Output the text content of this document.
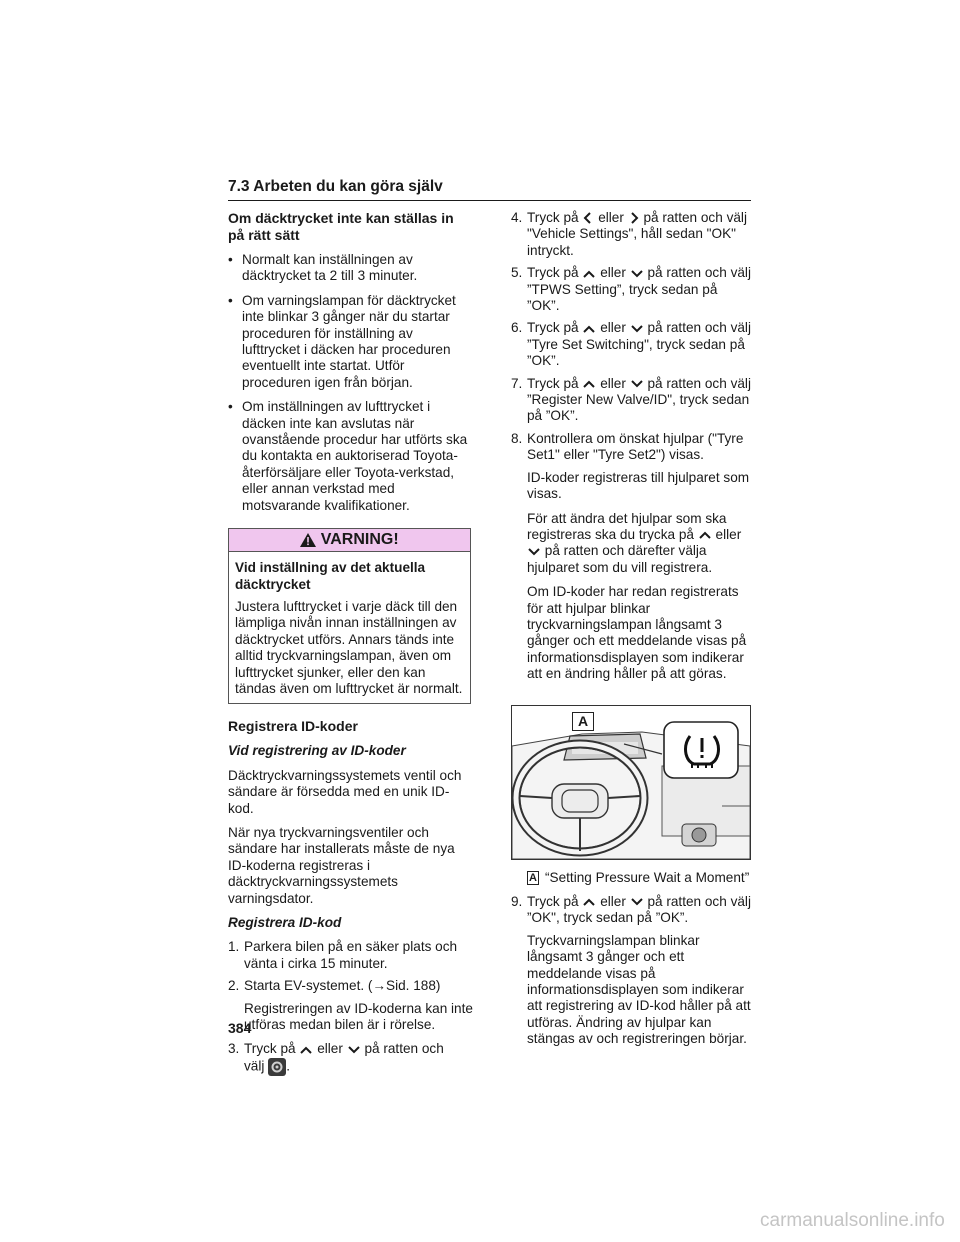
7.3 Arbeten du kan göra själv
Om däcktrycket inte kan ställas in på rätt sätt
• Normalt kan inställningen av däcktrycket ta 2 till 3 minuter.
• Om varningslampan för däcktrycket inte blinkar 3 gånger när du startar proceduren för inställning av lufttrycket i däcken har proceduren eventuellt inte startat. Utför proceduren igen från början.
• Om inställningen av lufttrycket i däcken inte kan avslutas när ovanstående procedur har utförts ska du kontakta en auktoriserad Toyota-återförsäljare eller Toyota-verkstad, eller annan verkstad med motsvarande kvalifikationer.
VARNING!
Vid inställning av det aktuella däcktrycket
Justera lufttrycket i varje däck till den lämpliga nivån innan inställningen av däcktrycket utförs. Annars tänds inte alltid tryckvarningslampan, även om lufttrycket sjunker, eller den kan tändas även om lufttrycket är normalt.
Registrera ID-koder
Vid registrering av ID-koder

Däcktryckvarningssystemets ventil och sändare är försedda med en unik ID-kod.

När nya tryckvarningsventiler och sändare har installerats måste de nya ID-koderna registreras i däcktryckvarningssystemets varningsdator.

Registrera ID-kod
1. Parkera bilen på en säker plats och vänta i cirka 15 minuter.
2. Starta EV-systemet. (→Sid. 188)

Registreringen av ID-koderna kan inte utföras medan bilen är i rörelse.

3. Tryck på eller på ratten och
välj .
4. Tryck på eller på ratten och välj "Vehicle Settings", håll sedan "OK" intryckt.
5. Tryck på eller på ratten och välj ”TPWS Setting”, tryck sedan på ”OK”.
6. Tryck på eller på ratten och välj ”Tyre Set Switching", tryck sedan på ”OK”.
7. Tryck på eller på ratten och välj ”Register New Valve/ID", tryck sedan på ”OK”.
8. Kontrollera om önskat hjulpar ("Tyre Set1" eller "Tyre Set2") visas.

ID-koder registreras till hjulparet som visas.

För att ändra det hjulpar som ska registreras ska du trycka på eller
på ratten och därefter välja hjulparet som du vill registrera.

Om ID-koder har redan registrerats för att hjulpar blinkar tryckvarningslampan långsamt 3 gånger och ett meddelande visas på informationsdisplayen som indikerar att en ändring håller på att göras.

A
A “Setting Pressure Wait a Moment”
9. Tryck på eller på ratten och välj ”OK", tryck sedan på ”OK”.

Tryckvarningslampan blinkar långsamt 3 gånger och ett meddelande visas på informationsdisplayen som indikerar att registrering av ID-kod håller på att utföras. Ändring av hjulpar kan stängas av och registreringen börjar.

384
carmanualsonline.info
